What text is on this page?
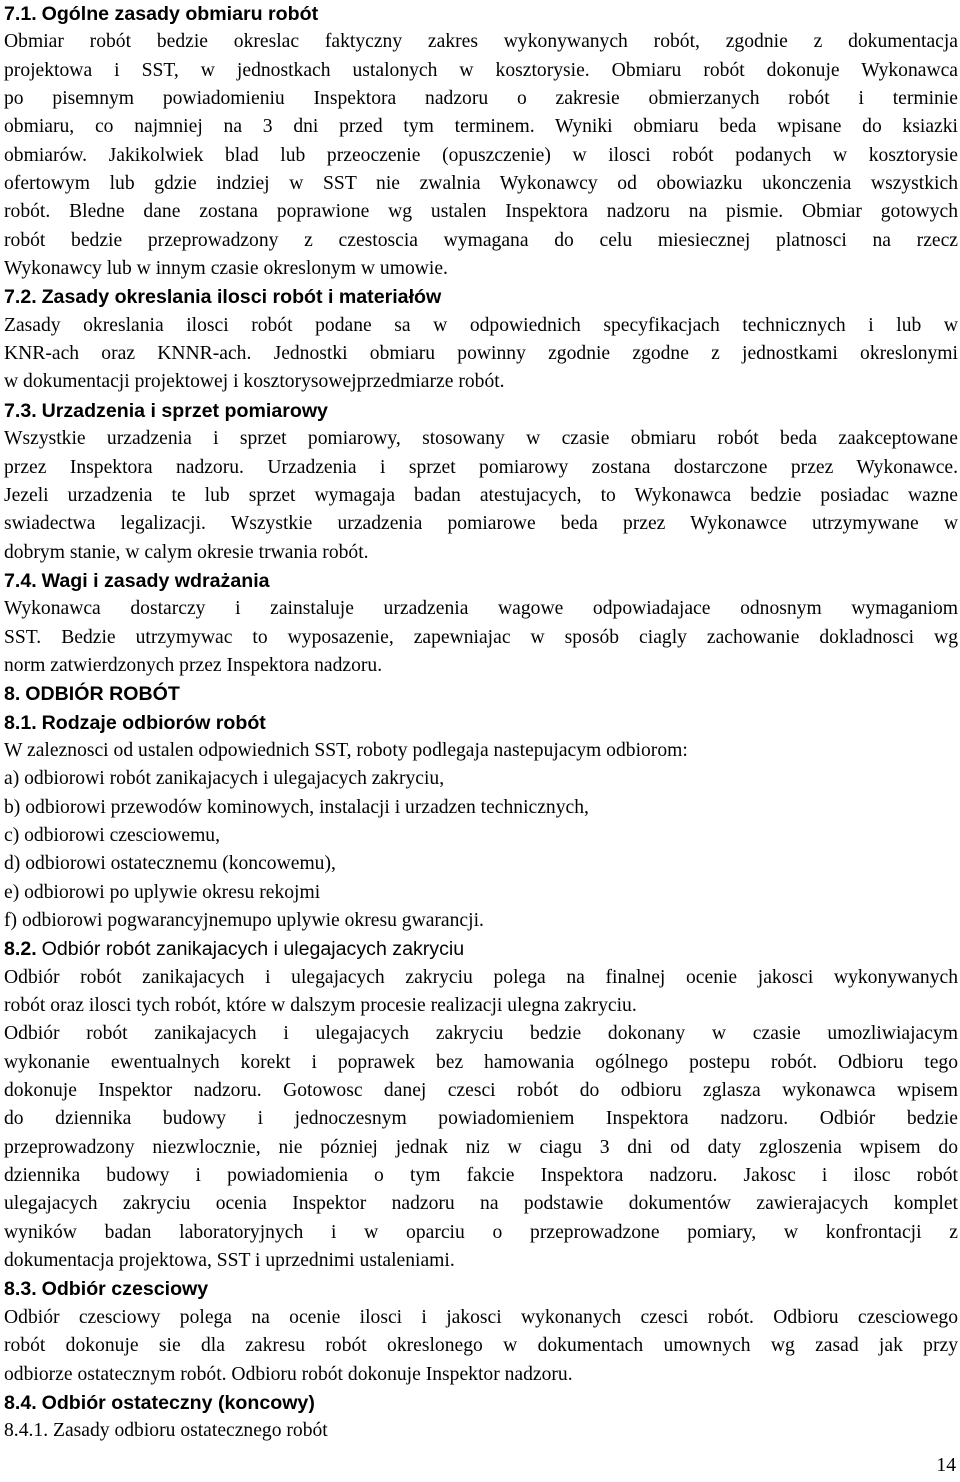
7.1. Ogólne zasady obmiaru robót
Obmiar robót bedzie okreslac faktyczny zakres wykonywanych robót, zgodnie z dokumentacja
projektowa i SST, w jednostkach ustalonych w kosztorysie. Obmiaru robót dokonuje Wykonawca
po pisemnym powiadomieniu Inspektora nadzoru o zakresie obmierzanych robót i terminie
obmiaru, co najmniej na 3 dni przed tym terminem. Wyniki obmiaru beda wpisane do ksiazki
obmiarów. Jakikolwiek blad lub przeoczenie (opuszczenie) w ilosci robót podanych w kosztorysie
ofertowym lub gdzie indziej w SST nie zwalnia Wykonawcy od obowiazku ukonczenia wszystkich
robót. Bledne dane zostana poprawione wg ustalen Inspektora nadzoru na pismie. Obmiar gotowych
robót bedzie przeprowadzony z czestoscia wymagana do celu miesiecznej platnosci na rzecz
Wykonawcy lub w innym czasie okreslonym w umowie.
7.2. Zasady okreslania ilosci robót i materiałów
Zasady okreslania ilosci robót podane sa w odpowiednich specyfikacjach technicznych i lub w
KNR-ach oraz KNNR-ach. Jednostki obmiaru powinny zgodnie zgodne z jednostkami okreslonymi
w dokumentacji projektowej i kosztorysowejprzedmiarze robót.
7.3. Urzadzenia i sprzet pomiarowy
Wszystkie urzadzenia i sprzet pomiarowy, stosowany w czasie obmiaru robót beda zaakceptowane
przez Inspektora nadzoru. Urzadzenia i sprzet pomiarowy zostana dostarczone przez Wykonawce.
Jezeli urzadzenia te lub sprzet wymagaja badan atestujacych, to Wykonawca bedzie posiadac wazne
swiadectwa legalizacji. Wszystkie urzadzenia pomiarowe beda przez Wykonawce utrzymywane w
dobrym stanie, w calym okresie trwania robót.
7.4. Wagi i zasady wdrażania
Wykonawca dostarczy i zainstaluje urzadzenia wagowe odpowiadajace odnosnym wymaganiom
SST. Bedzie utrzymywac to wyposazenie, zapewniajac w sposób ciagly zachowanie dokladnosci wg
norm zatwierdzonych przez Inspektora nadzoru.
8. ODBIÓR ROBÓT
8.1. Rodzaje odbiorów robót
W zaleznosci od ustalen odpowiednich SST, roboty podlegaja nastepujacym odbiorom:
a) odbiorowi robót zanikajacych i ulegajacych zakryciu,
b) odbiorowi przewodów kominowych, instalacji i urzadzen technicznych,
c) odbiorowi czesciowemu,
d) odbiorowi ostatecznemu (koncowemu),
e) odbiorowi po uplywie okresu rekojmi
f) odbiorowi pogwarancyjnemupo uplywie okresu gwarancji.
8.2. Odbiór robót zanikajacych i ulegajacych zakryciu
Odbiór robót zanikajacych i ulegajacych zakryciu polega na finalnej ocenie jakosci wykonywanych
robót oraz ilosci tych robót, które w dalszym procesie realizacji ulegna zakryciu.
Odbiór robót zanikajacych i ulegajacych zakryciu bedzie dokonany w czasie umozliwiajacym
wykonanie ewentualnych korekt i poprawek bez hamowania ogólnego postepu robót. Odbioru tego
dokonuje Inspektor nadzoru. Gotowosc danej czesci robót do odbioru zglasza wykonawca wpisem
do dziennika budowy i jednoczesnym powiadomieniem Inspektora nadzoru. Odbiór bedzie
przeprowadzony niezwlocznie, nie pózniej jednak niz w ciagu 3 dni od daty zgloszenia wpisem do
dziennika budowy i powiadomienia o tym fakcie Inspektora nadzoru. Jakosc i ilosc robót
ulegajacych zakryciu ocenia Inspektor nadzoru na podstawie dokumentów zawierajacych komplet
wyników badan laboratoryjnych i w oparciu o przeprowadzone pomiary, w konfrontacji z
dokumentacja projektowa, SST i uprzednimi ustaleniami.
8.3. Odbiór czesciowy
Odbiór czesciowy polega na ocenie ilosci i jakosci wykonanych czesci robót. Odbioru czesciowego
robót dokonuje sie dla zakresu robót okreslonego w dokumentach umownych wg zasad jak przy
odbiorze ostatecznym robót. Odbioru robót dokonuje Inspektor nadzoru.
8.4. Odbiór ostateczny (koncowy)
8.4.1. Zasady odbioru ostatecznego robót
14
